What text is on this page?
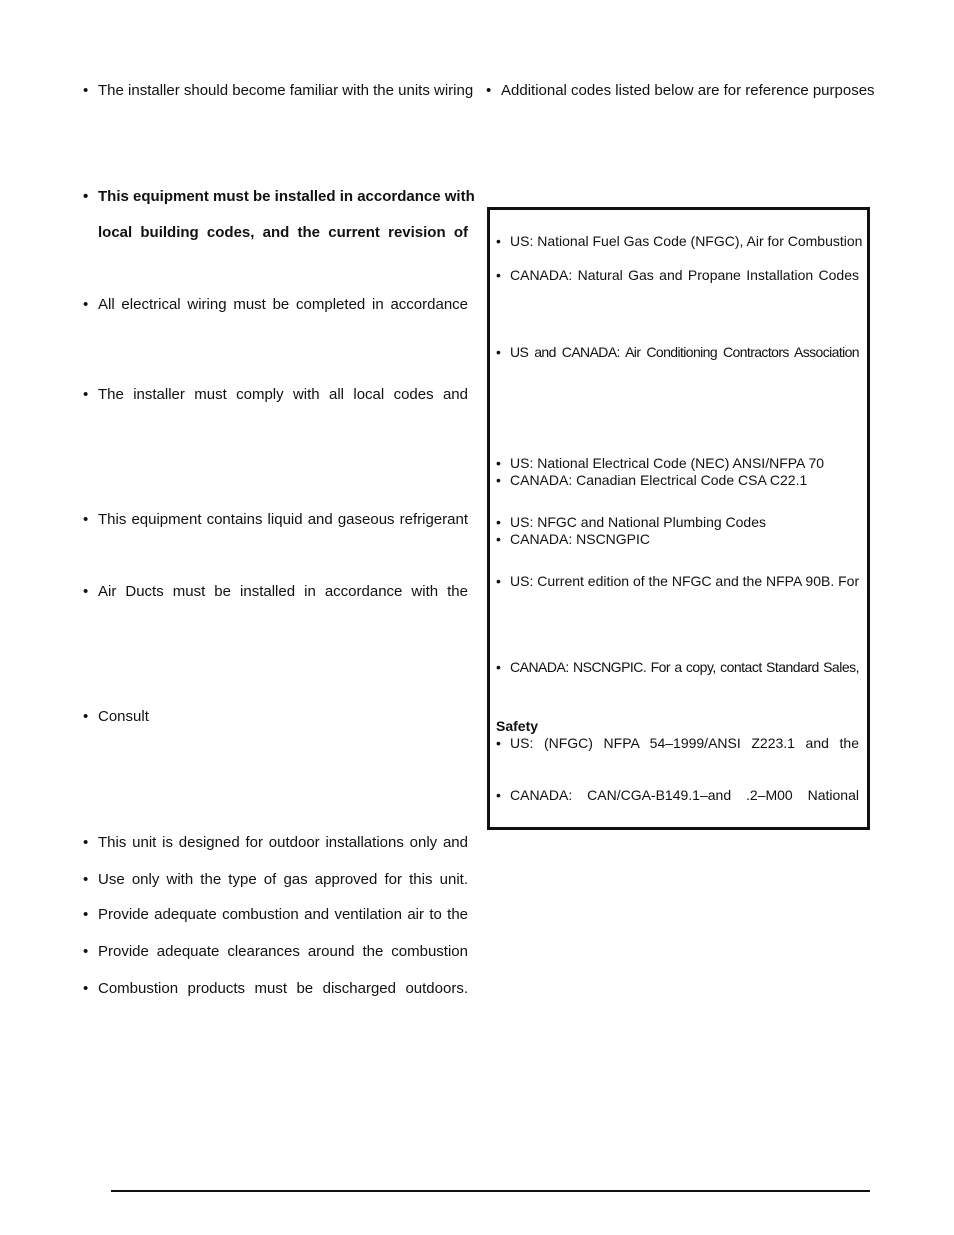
• The installer should become familiar with the units wiring
• This equipment must be installed in accordance with
local building codes, and the current revision of
• All electrical wiring must be completed in accordance
• The installer must comply with all local codes and
• This equipment contains liquid and gaseous refrigerant
• Air Ducts must be installed in accordance with the
• Consult
• This unit is designed for outdoor installations only and
• Use only with the type of gas approved for this unit.
• Provide adequate combustion and ventilation air to the
• Provide adequate clearances around the combustion
• Combustion products must be discharged outdoors.
• Additional codes listed below are for reference purposes
• US: National Fuel Gas Code (NFGC), Air for Combustion
• CANADA: Natural Gas and Propane Installation Codes
• US and CANADA: Air Conditioning Contractors Association
• US: National Electrical Code (NEC) ANSI/NFPA 70
• CANADA: Canadian Electrical Code CSA C22.1
• US: NFGC and National Plumbing Codes
• CANADA: NSCNGPIC
• US: Current edition of the NFGC and the NFPA 90B. For
• CANADA: NSCNGPIC. For a copy, contact Standard Sales,
Safety
• US: (NFGC) NFPA 54–1999/ANSI Z223.1 and the
• CANADA: CAN/CGA-B149.1–and .2–M00 National
